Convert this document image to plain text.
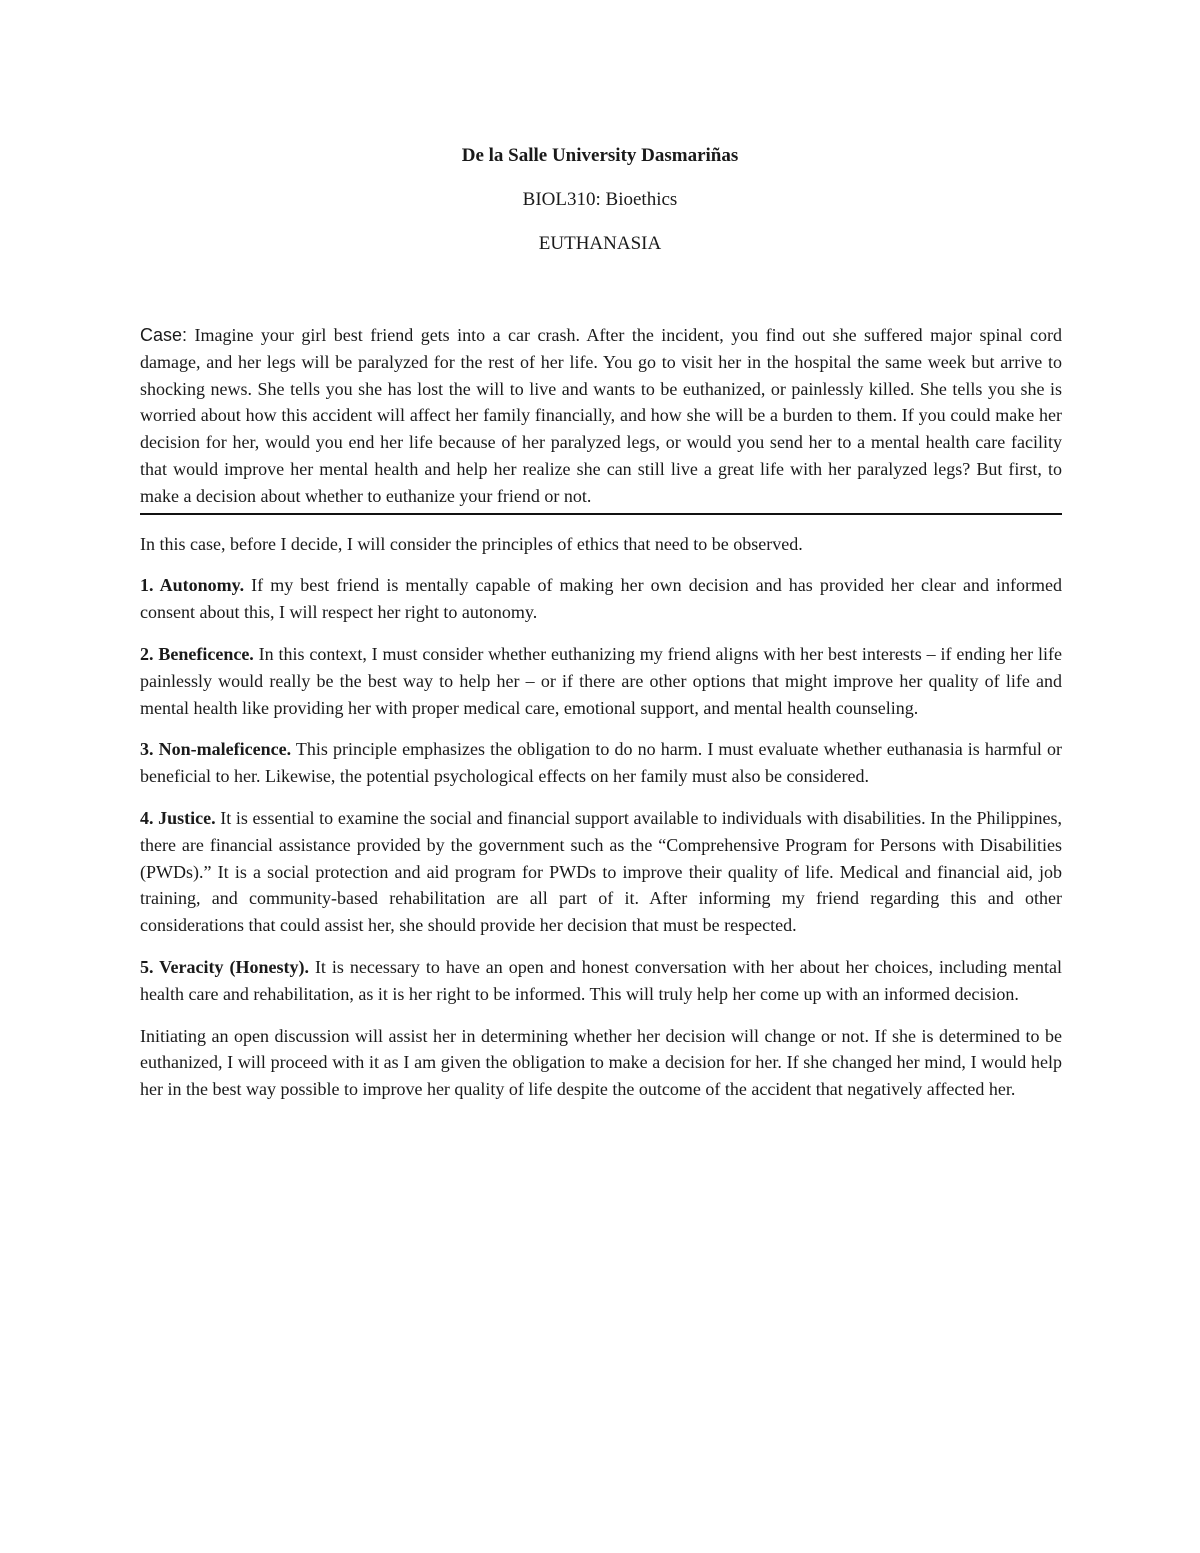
De la Salle University Dasmariñas
BIOL310: Bioethics
EUTHANASIA

Case: Imagine your girl best friend gets into a car crash. After the incident, you find out she suffered major spinal cord damage, and her legs will be paralyzed for the rest of her life. You go to visit her in the hospital the same week but arrive to shocking news. She tells you she has lost the will to live and wants to be euthanized, or painlessly killed. She tells you she is worried about how this accident will affect her family financially, and how she will be a burden to them. If you could make her decision for her, would you end her life because of her paralyzed legs, or would you send her to a mental health care facility that would improve her mental health and help her realize she can still live a great life with her paralyzed legs? But first, to make a decision about whether to euthanize your friend or not.

In this case, before I decide, I will consider the principles of ethics that need to be observed.

1. Autonomy. If my best friend is mentally capable of making her own decision and has provided her clear and informed consent about this, I will respect her right to autonomy.

2. Beneficence. In this context, I must consider whether euthanizing my friend aligns with her best interests – if ending her life painlessly would really be the best way to help her – or if there are other options that might improve her quality of life and mental health like providing her with proper medical care, emotional support, and mental health counseling.

3. Non-maleficence. This principle emphasizes the obligation to do no harm. I must evaluate whether euthanasia is harmful or beneficial to her. Likewise, the potential psychological effects on her family must also be considered.

4. Justice. It is essential to examine the social and financial support available to individuals with disabilities. In the Philippines, there are financial assistance provided by the government such as the “Comprehensive Program for Persons with Disabilities (PWDs).” It is a social protection and aid program for PWDs to improve their quality of life. Medical and financial aid, job training, and community-based rehabilitation are all part of it. After informing my friend regarding this and other considerations that could assist her, she should provide her decision that must be respected.

5. Veracity (Honesty). It is necessary to have an open and honest conversation with her about her choices, including mental health care and rehabilitation, as it is her right to be informed. This will truly help her come up with an informed decision.

Initiating an open discussion will assist her in determining whether her decision will change or not. If she is determined to be euthanized, I will proceed with it as I am given the obligation to make a decision for her. If she changed her mind, I would help her in the best way possible to improve her quality of life despite the outcome of the accident that negatively affected her.
